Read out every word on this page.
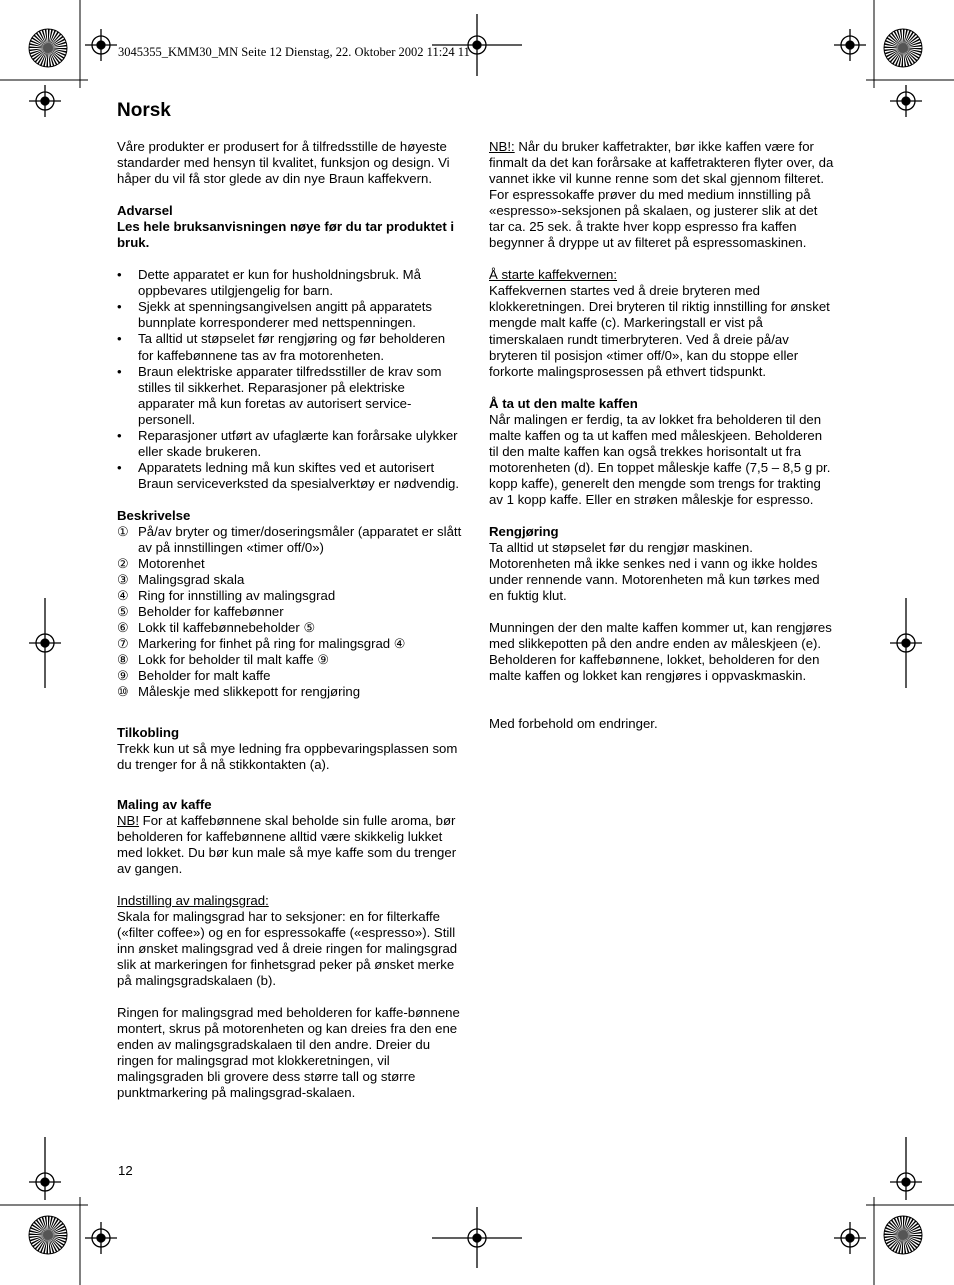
3045355_KMM30_MN Seite 12 Dienstag, 22. Oktober 2002 11:24 11
Norsk

Våre produkter er produsert for å tilfredsstille de høyeste standarder med hensyn til kvalitet, funksjon og design. Vi håper du vil få stor glede av din nye Braun kaffekvern.

Advarsel

Les hele bruksanvisningen nøye før du tar produktet i bruk.

• Dette apparatet er kun for husholdningsbruk. Må oppbevares utilgjengelig for barn.
• Sjekk at spenningsangivelsen angitt på apparatets bunnplate korresponderer med nettspenningen.
• Ta alltid ut støpselet før rengjøring og før beholderen for kaffebønnene tas av fra motorenheten.
• Braun elektriske apparater tilfredsstiller de krav som stilles til sikkerhet. Reparasjoner på elektriske apparater må kun foretas av autorisert service-personell.
• Reparasjoner utført av ufaglærte kan forårsake ulykker eller skade brukeren.
• Apparatets ledning må kun skiftes ved et autorisert Braun serviceverksted da spesialverktøy er nødvendig.

Beskrivelse

① På/av bryter og timer/doseringsmåler (apparatet er slått av på innstillingen «timer off/0»)
② Motorenhet
③ Malingsgrad skala
④ Ring for innstilling av malingsgrad
⑤ Beholder for kaffebønner
⑥ Lokk til kaffebønnebeholder ⑤
⑦ Markering for finhet på ring for malingsgrad ④
⑧ Lokk for beholder til malt kaffe ⑨
⑨ Beholder for malt kaffe
⑩ Måleskje med slikkepott for rengjøring

Tilkobling

Trekk kun ut så mye ledning fra oppbevaringsplassen som du trenger for å nå stikkontakten (a).

Maling av kaffe

NB! For at kaffebønnene skal beholde sin fulle aroma, bør beholderen for kaffebønnene alltid være skikkelig lukket med lokket. Du bør kun male så mye kaffe som du trenger av gangen.

Indstilling av malingsgrad:

Skala for malingsgrad har to seksjoner: en for filterkaffe («filter coffee») og en for espressokaffe («espresso»). Still inn ønsket malingsgrad ved å dreie ringen for malingsgrad slik at markeringen for finhetsgrad peker på ønsket merke på malingsgradskalaen (b).

Ringen for malingsgrad med beholderen for kaffe-bønnene montert, skrus på motorenheten og kan dreies fra den ene enden av malingsgradskalaen til den andre. Dreier du ringen for malingsgrad mot klokkeretningen, vil malingsgraden bli grovere dess større tall og større punktmarkering på malingsgrad-skalaen.

NB!: Når du bruker kaffetrakter, bør ikke kaffen være for finmalt da det kan forårsake at kaffetrakteren flyter over, da vannet ikke vil kunne renne som det skal gjennom filteret. For espressokaffe prøver du med medium innstilling på «espresso»-seksjonen på skalaen, og justerer slik at det tar ca. 25 sek. å trakte hver kopp espresso fra kaffen begynner å dryppe ut av filteret på espressomaskinen.

Å starte kaffekvernen:

Kaffekvernen startes ved å dreie bryteren med klokkeretningen. Drei bryteren til riktig innstilling for ønsket mengde malt kaffe (c). Markeringstall er vist på timerskalaen rundt timerbryteren. Ved å dreie på/av bryteren til posisjon «timer off/0», kan du stoppe eller forkorte malingsprosessen på ethvert tidspunkt.

Å ta ut den malte kaffen

Når malingen er ferdig, ta av lokket fra beholderen til den malte kaffen og ta ut kaffen med måleskjeen. Beholderen til den malte kaffen kan også trekkes horisontalt ut fra motorenheten (d). En toppet måleskje kaffe (7,5 – 8,5 g pr. kopp kaffe), generelt den mengde som trengs for trakting av 1 kopp kaffe. Eller en strøken måleskje for espresso.

Rengjøring

Ta alltid ut støpselet før du rengjør maskinen. Motorenheten må ikke senkes ned i vann og ikke holdes under rennende vann. Motorenheten må kun tørkes med en fuktig klut.

Munningen der den malte kaffen kommer ut, kan rengjøres med slikkepotten på den andre enden av måleskjeen (e). Beholderen for kaffebønnene, lokket, beholderen for den malte kaffen og lokket kan rengjøres i oppvaskmaskin.

Med forbehold om endringer.

12
